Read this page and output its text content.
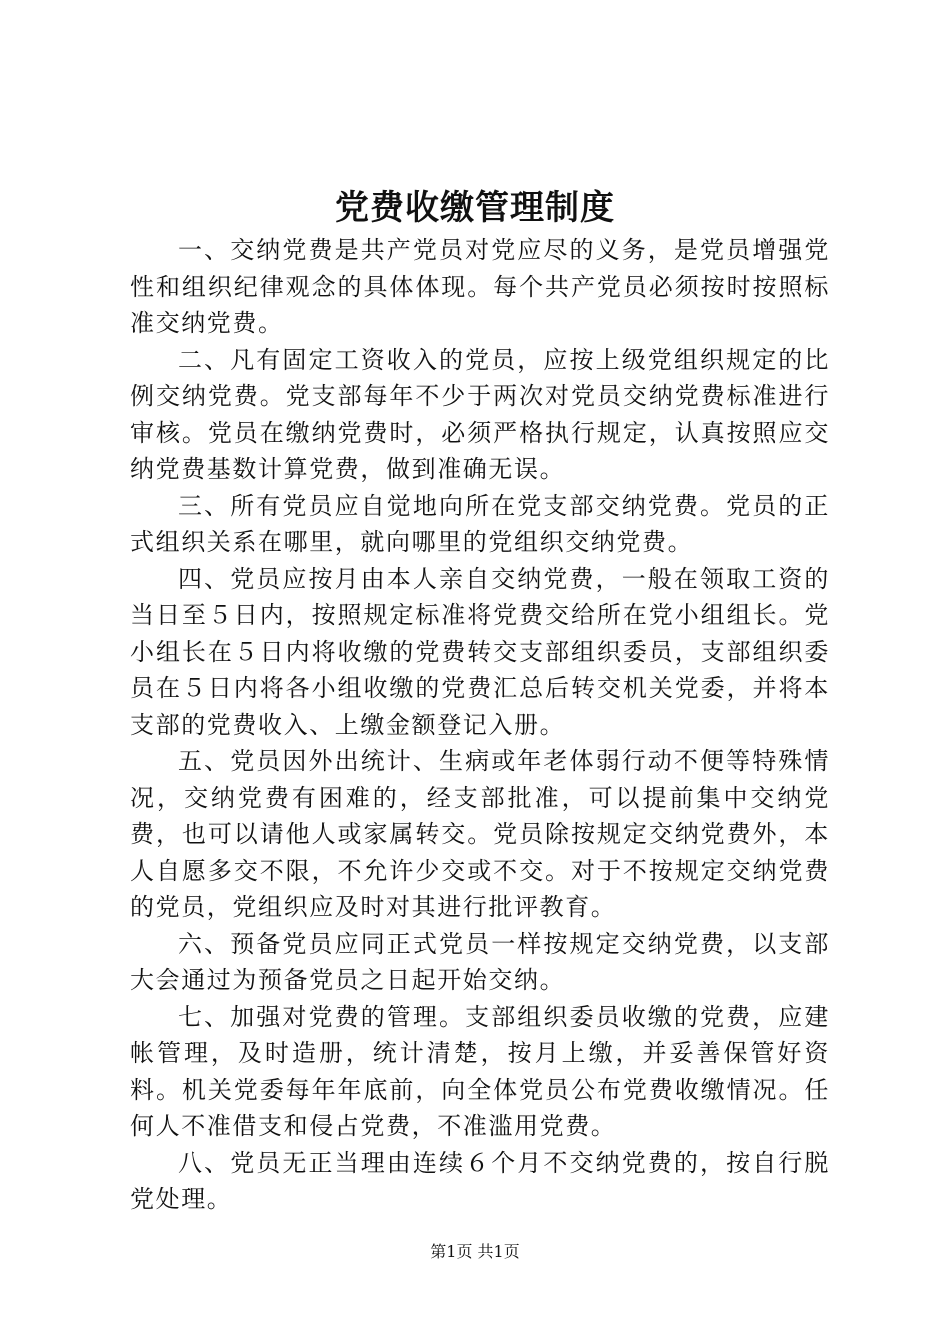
党费收缴管理制度

一、交纳党费是共产党员对党应尽的义务，是党员增强党性和组织纪律观念的具体体现。每个共产党员必须按时按照标准交纳党费。

二、凡有固定工资收入的党员，应按上级党组织规定的比例交纳党费。党支部每年不少于两次对党员交纳党费标准进行审核。党员在缴纳党费时，必须严格执行规定，认真按照应交纳党费基数计算党费，做到准确无误。

三、所有党员应自觉地向所在党支部交纳党费。党员的正式组织关系在哪里，就向哪里的党组织交纳党费。

四、党员应按月由本人亲自交纳党费，一般在领取工资的当日至５日内，按照规定标准将党费交给所在党小组组长。党小组长在５日内将收缴的党费转交支部组织委员，支部组织委员在５日内将各小组收缴的党费汇总后转交机关党委，并将本支部的党费收入、上缴金额登记入册。

五、党员因外出统计、生病或年老体弱行动不便等特殊情况，交纳党费有困难的，经支部批准，可以提前集中交纳党费，也可以请他人或家属转交。党员除按规定交纳党费外，本人自愿多交不限，不允许少交或不交。对于不按规定交纳党费的党员，党组织应及时对其进行批评教育。

六、预备党员应同正式党员一样按规定交纳党费，以支部大会通过为预备党员之日起开始交纳。

七、加强对党费的管理。支部组织委员收缴的党费，应建帐管理，及时造册，统计清楚，按月上缴，并妥善保管好资料。机关党委每年年底前，向全体党员公布党费收缴情况。任何人不准借支和侵占党费，不准滥用党费。

八、党员无正当理由连续６个月不交纳党费的，按自行脱党处理。

第1页 共1页
